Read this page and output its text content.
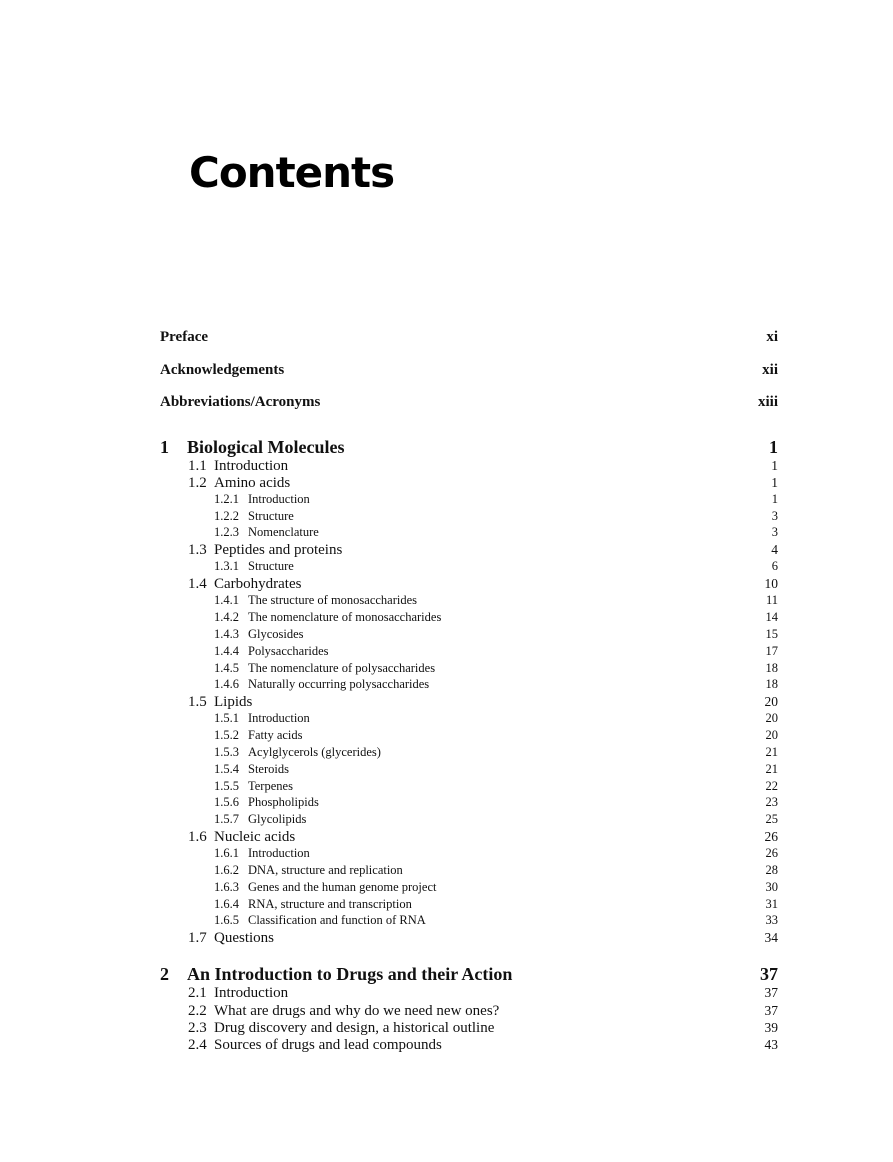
Contents
Preface	xi
Acknowledgements	xii
Abbreviations/Acronyms	xiii
1 Biological Molecules	1
1.1 Introduction	1
1.2 Amino acids	1
1.2.1 Introduction	1
1.2.2 Structure	3
1.2.3 Nomenclature	3
1.3 Peptides and proteins	4
1.3.1 Structure	6
1.4 Carbohydrates	10
1.4.1 The structure of monosaccharides	11
1.4.2 The nomenclature of monosaccharides	14
1.4.3 Glycosides	15
1.4.4 Polysaccharides	17
1.4.5 The nomenclature of polysaccharides	18
1.4.6 Naturally occurring polysaccharides	18
1.5 Lipids	20
1.5.1 Introduction	20
1.5.2 Fatty acids	20
1.5.3 Acylglycerols (glycerides)	21
1.5.4 Steroids	21
1.5.5 Terpenes	22
1.5.6 Phospholipids	23
1.5.7 Glycolipids	25
1.6 Nucleic acids	26
1.6.1 Introduction	26
1.6.2 DNA, structure and replication	28
1.6.3 Genes and the human genome project	30
1.6.4 RNA, structure and transcription	31
1.6.5 Classification and function of RNA	33
1.7 Questions	34
2 An Introduction to Drugs and their Action	37
2.1 Introduction	37
2.2 What are drugs and why do we need new ones?	37
2.3 Drug discovery and design, a historical outline	39
2.4 Sources of drugs and lead compounds	43
